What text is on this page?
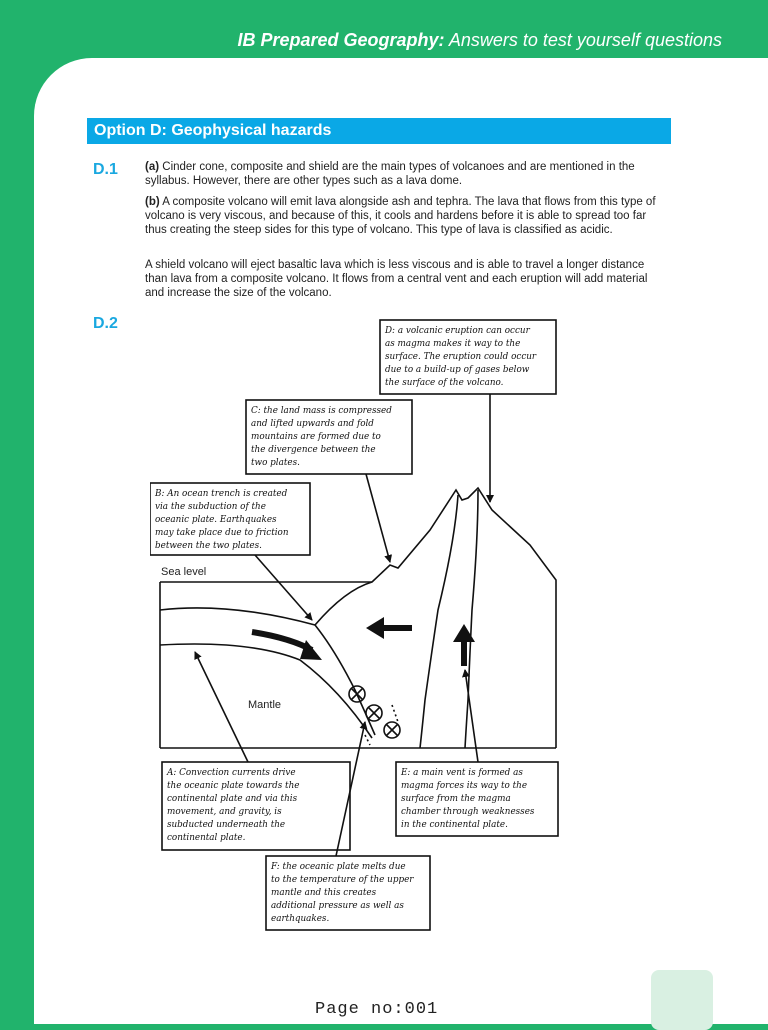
IB Prepared Geography: Answers to test yourself questions
Option D: Geophysical hazards
D.1 (a) Cinder cone, composite and shield are the main types of volcanoes and are mentioned in the syllabus. However, there are other types such as a lava dome.

(b) A composite volcano will emit lava alongside ash and tephra. The lava that flows from this type of volcano is very viscous, and because of this, it cools and hardens before it is able to spread too far thus creating the steep sides for this type of volcano. This type of lava is classified as acidic.

A shield volcano will eject basaltic lava which is less viscous and is able to travel a longer distance than lava from a composite volcano. It flows from a central vent and each eruption will add material and increase the size of the volcano.

D.2
Sea level
Mantle
D: a volcanic eruption can occur
as magma makes it way to the
surface. The eruption could occur
due to a build-up of gases below
the surface of the volcano.
C: the land mass is compressed
and lifted upwards and fold
mountains are formed due to
the divergence between the
two plates.
B: An ocean trench is created
via the subduction of the
oceanic plate. Earthquakes
may take place due to friction
between the two plates.
A: Convection currents drive
the oceanic plate towards the
continental plate and via this
movement, and gravity, is
subducted underneath the
continental plate.
E: a main vent is formed as
magma forces its way to the
surface from the magma
chamber through weaknesses
in the continental plate.
F: the oceanic plate melts due
to the temperature of the upper
mantle and this creates
additional pressure as well as
earthquakes.
Page no:001
